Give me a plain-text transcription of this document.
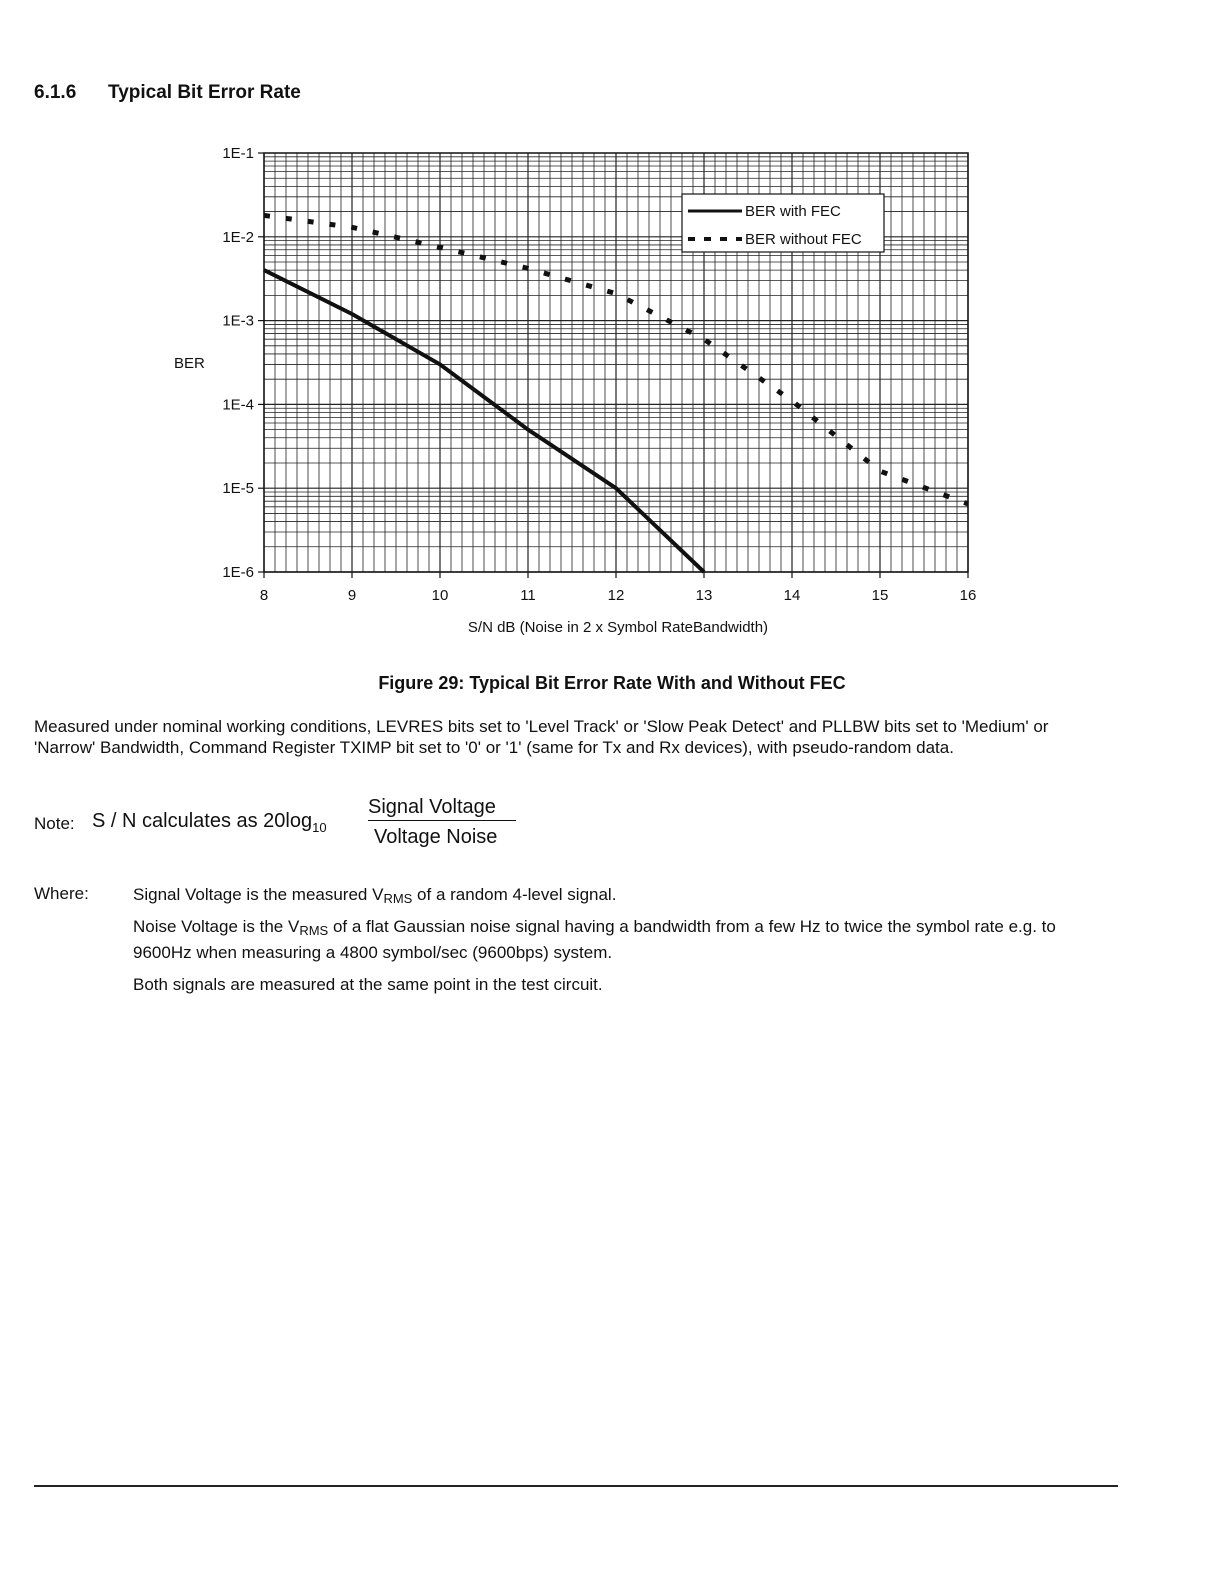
6.1.6 Typical Bit Error Rate
1E-1
1E-2
1E-3
1E-4
1E-5
1E-6
8	9	10	11	12	13	14	15	16
BER
S/N dB (Noise in 2 x Symbol RateBandwidth)
BER with FEC
BER without FEC
Figure 29: Typical Bit Error Rate With and Without FEC
Measured under nominal working conditions, LEVRES bits set to 'Level Track' or 'Slow Peak Detect' and PLLBW bits set to 'Medium' or 'Narrow' Bandwidth, Command Register TXIMP bit set to '0' or '1' (same for Tx and Rx devices), with pseudo-random data.
Note: S / N calculates as $20\log_{10}$
Signal Voltage
Voltage Noise
Where:	Signal Voltage is the measured $V_{RMS}$ of a random 4-level signal.
Noise Voltage is the $V_{RMS}$ of a flat Gaussian noise signal having a bandwidth from a few Hz to twice the symbol rate e.g. to 9600Hz when measuring a 4800 symbol/sec (9600bps) system.
Both signals are measured at the same point in the test circuit.
